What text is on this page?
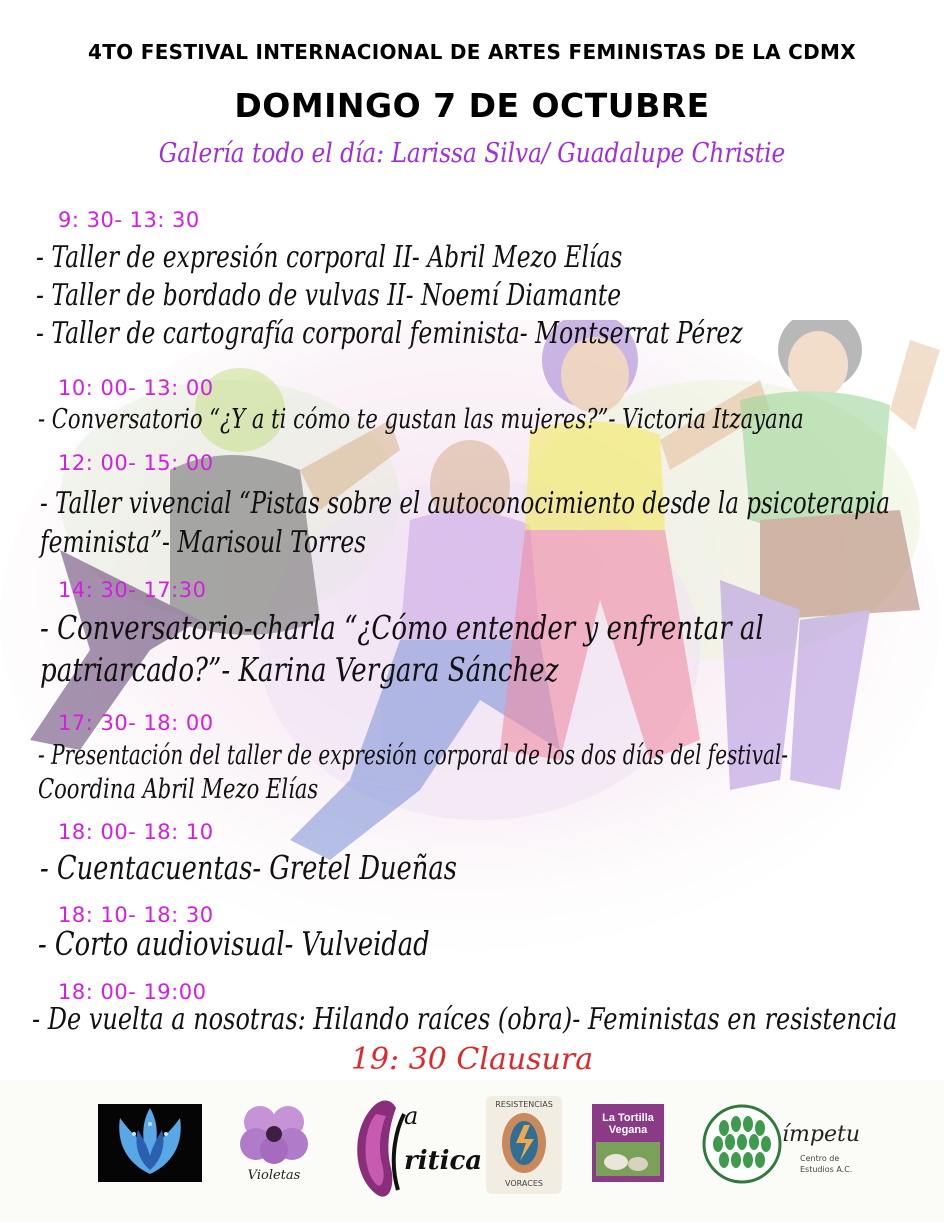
4TO FESTIVAL INTERNACIONAL DE ARTES FEMINISTAS DE LA CDMX
DOMINGO 7 DE OCTUBRE
Galería todo el día: Larissa Silva/ Guadalupe Christie
9: 30- 13: 30
- Taller de expresión corporal II- Abril Mezo Elías
- Taller de bordado de vulvas II- Noemí Diamante
- Taller de cartografía corporal feminista- Montserrat Pérez
10: 00- 13: 00
- Conversatorio “¿Y a ti cómo te gustan las mujeres?”- Victoria Itzayana
12: 00- 15: 00
- Taller vivencial “Pistas sobre el autoconocimiento desde la psicoterapia
feminista”- Marisoul Torres
14: 30- 17:30
- Conversatorio-charla “¿Cómo entender y enfrentar al
patriarcado?”- Karina Vergara Sánchez
17: 30- 18: 00
- Presentación del taller de expresión corporal de los dos días del festival-
Coordina Abril Mezo Elías
18: 00- 18: 10
- Cuentacuentas- Gretel Dueñas
18: 10- 18: 30
- Corto audiovisual- Vulveidad
18: 00- 19:00
- De vuelta a nosotras: Hilando raíces (obra)- Feministas en resistencia
19: 30 Clausura
Violetas
a
ritica
RESISTENCIAS
VORACES
La Tortilla
Vegana	ímpetu
Centro de
Estudios A.C.
